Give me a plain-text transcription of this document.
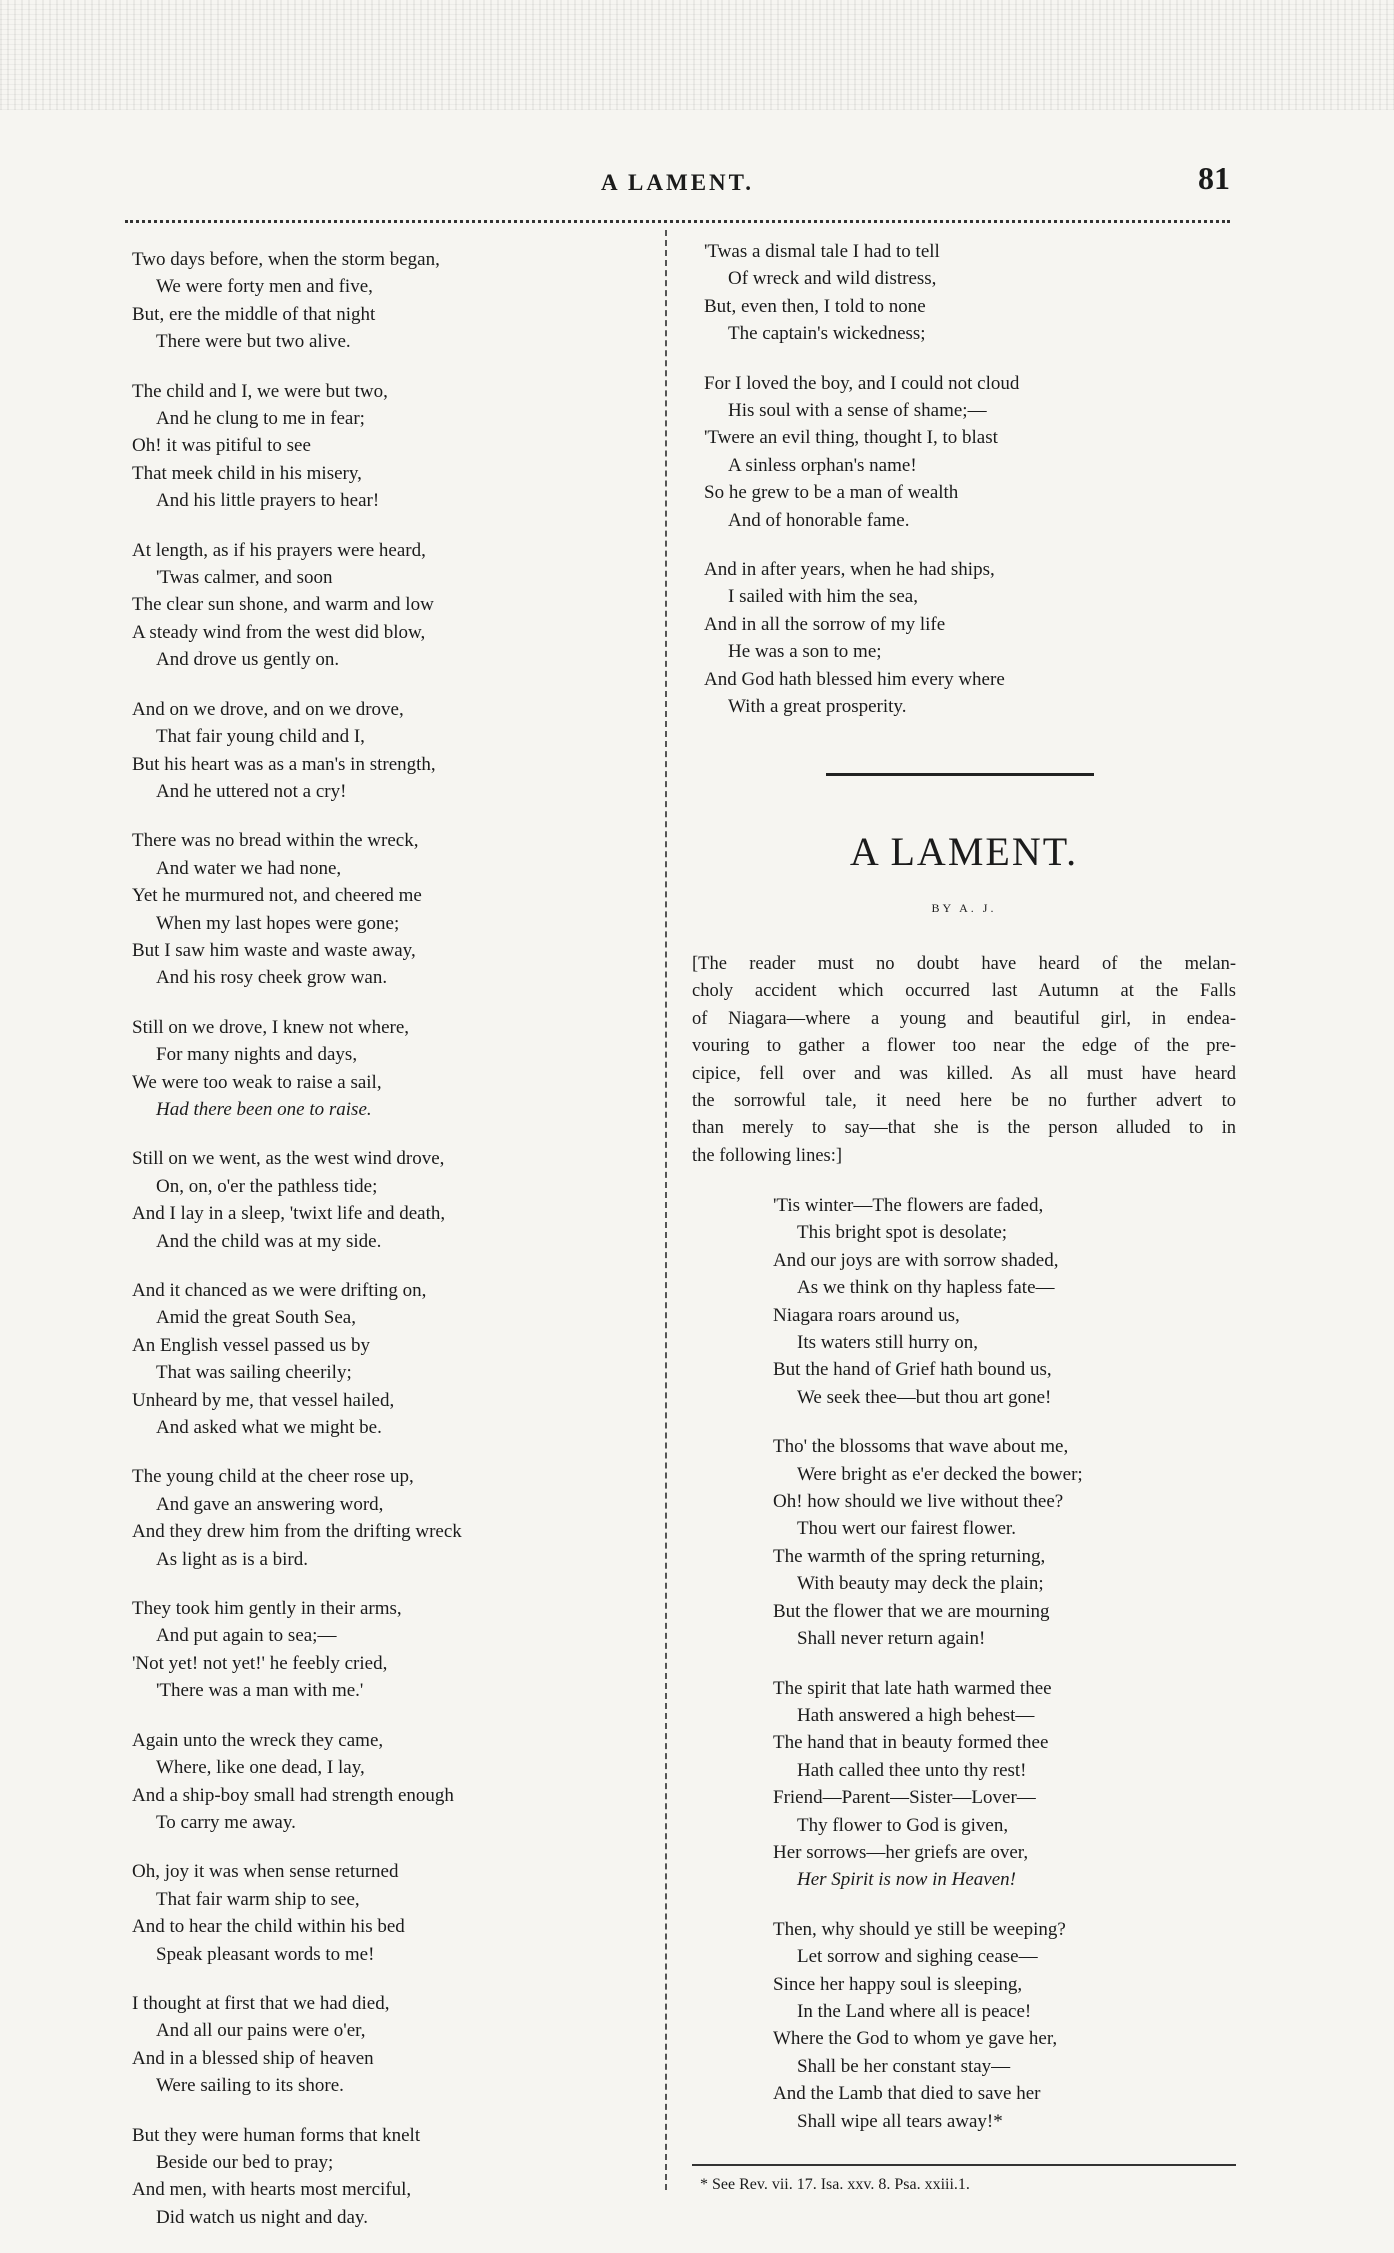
A LAMENT.	81
Two days before, when the storm began,
We were forty men and five,
But, ere the middle of that night
There were but two alive.
The child and I, we were but two,
And he clung to me in fear;
Oh! it was pitiful to see
That meek child in his misery,
And his little prayers to hear!
At length, as if his prayers were heard,
'Twas calmer, and soon
The clear sun shone, and warm and low
A steady wind from the west did blow,
And drove us gently on.
And on we drove, and on we drove,
That fair young child and I,
But his heart was as a man's in strength,
And he uttered not a cry!
There was no bread within the wreck,
And water we had none,
Yet he murmured not, and cheered me
When my last hopes were gone;
But I saw him waste and waste away,
And his rosy cheek grow wan.
Still on we drove, I knew not where,
For many nights and days,
We were too weak to raise a sail,
Had there been one to raise.
Still on we went, as the west wind drove,
On, on, o'er the pathless tide;
And I lay in a sleep, 'twixt life and death,
And the child was at my side.
And it chanced as we were drifting on,
Amid the great South Sea,
An English vessel passed us by
That was sailing cheerily;
Unheard by me, that vessel hailed,
And asked what we might be.
The young child at the cheer rose up,
And gave an answering word,
And they drew him from the drifting wreck
As light as is a bird.
They took him gently in their arms,
And put again to sea;—
'Not yet! not yet!' he feebly cried,
'There was a man with me.'
Again unto the wreck they came,
Where, like one dead, I lay,
And a ship-boy small had strength enough
To carry me away.
Oh, joy it was when sense returned
That fair warm ship to see,
And to hear the child within his bed
Speak pleasant words to me!
I thought at first that we had died,
And all our pains were o'er,
And in a blessed ship of heaven
Were sailing to its shore.
But they were human forms that knelt
Beside our bed to pray;
And men, with hearts most merciful,
Did watch us night and day.
'Twas a dismal tale I had to tell
Of wreck and wild distress,
But, even then, I told to none
The captain's wickedness;
For I loved the boy, and I could not cloud
His soul with a sense of shame;—
'Twere an evil thing, thought I, to blast
A sinless orphan's name!
So he grew to be a man of wealth
And of honorable fame.
And in after years, when he had ships,
I sailed with him the sea,
And in all the sorrow of my life
He was a son to me;
And God hath blessed him every where
With a great prosperity.
A LAMENT.
BY A. J.
[The reader must no doubt have heard of the melan-
choly accident which occurred last Autumn at the Falls
of Niagara—where a young and beautiful girl, in endea-
vouring to gather a flower too near the edge of the pre-
cipice, fell over and was killed. As all must have heard
the sorrowful tale, it need here be no further advert to
than merely to say—that she is the person alluded to in
the following lines:]
'Tis winter—The flowers are faded,
This bright spot is desolate;
And our joys are with sorrow shaded,
As we think on thy hapless fate—
Niagara roars around us,
Its waters still hurry on,
But the hand of Grief hath bound us,
We seek thee—but thou art gone!
Tho' the blossoms that wave about me,
Were bright as e'er decked the bower;
Oh! how should we live without thee?
Thou wert our fairest flower.
The warmth of the spring returning,
With beauty may deck the plain;
But the flower that we are mourning
Shall never return again!
The spirit that late hath warmed thee
Hath answered a high behest—
The hand that in beauty formed thee
Hath called thee unto thy rest!
Friend—Parent—Sister—Lover—
Thy flower to God is given,
Her sorrows—her griefs are over,
Her Spirit is now in Heaven!
Then, why should ye still be weeping?
Let sorrow and sighing cease—
Since her happy soul is sleeping,
In the Land where all is peace!
Where the God to whom ye gave her,
Shall be her constant stay—
And the Lamb that died to save her
Shall wipe all tears away!*
* See Rev. vii. 17. Isa. xxv. 8. Psa. xxiii.1.
